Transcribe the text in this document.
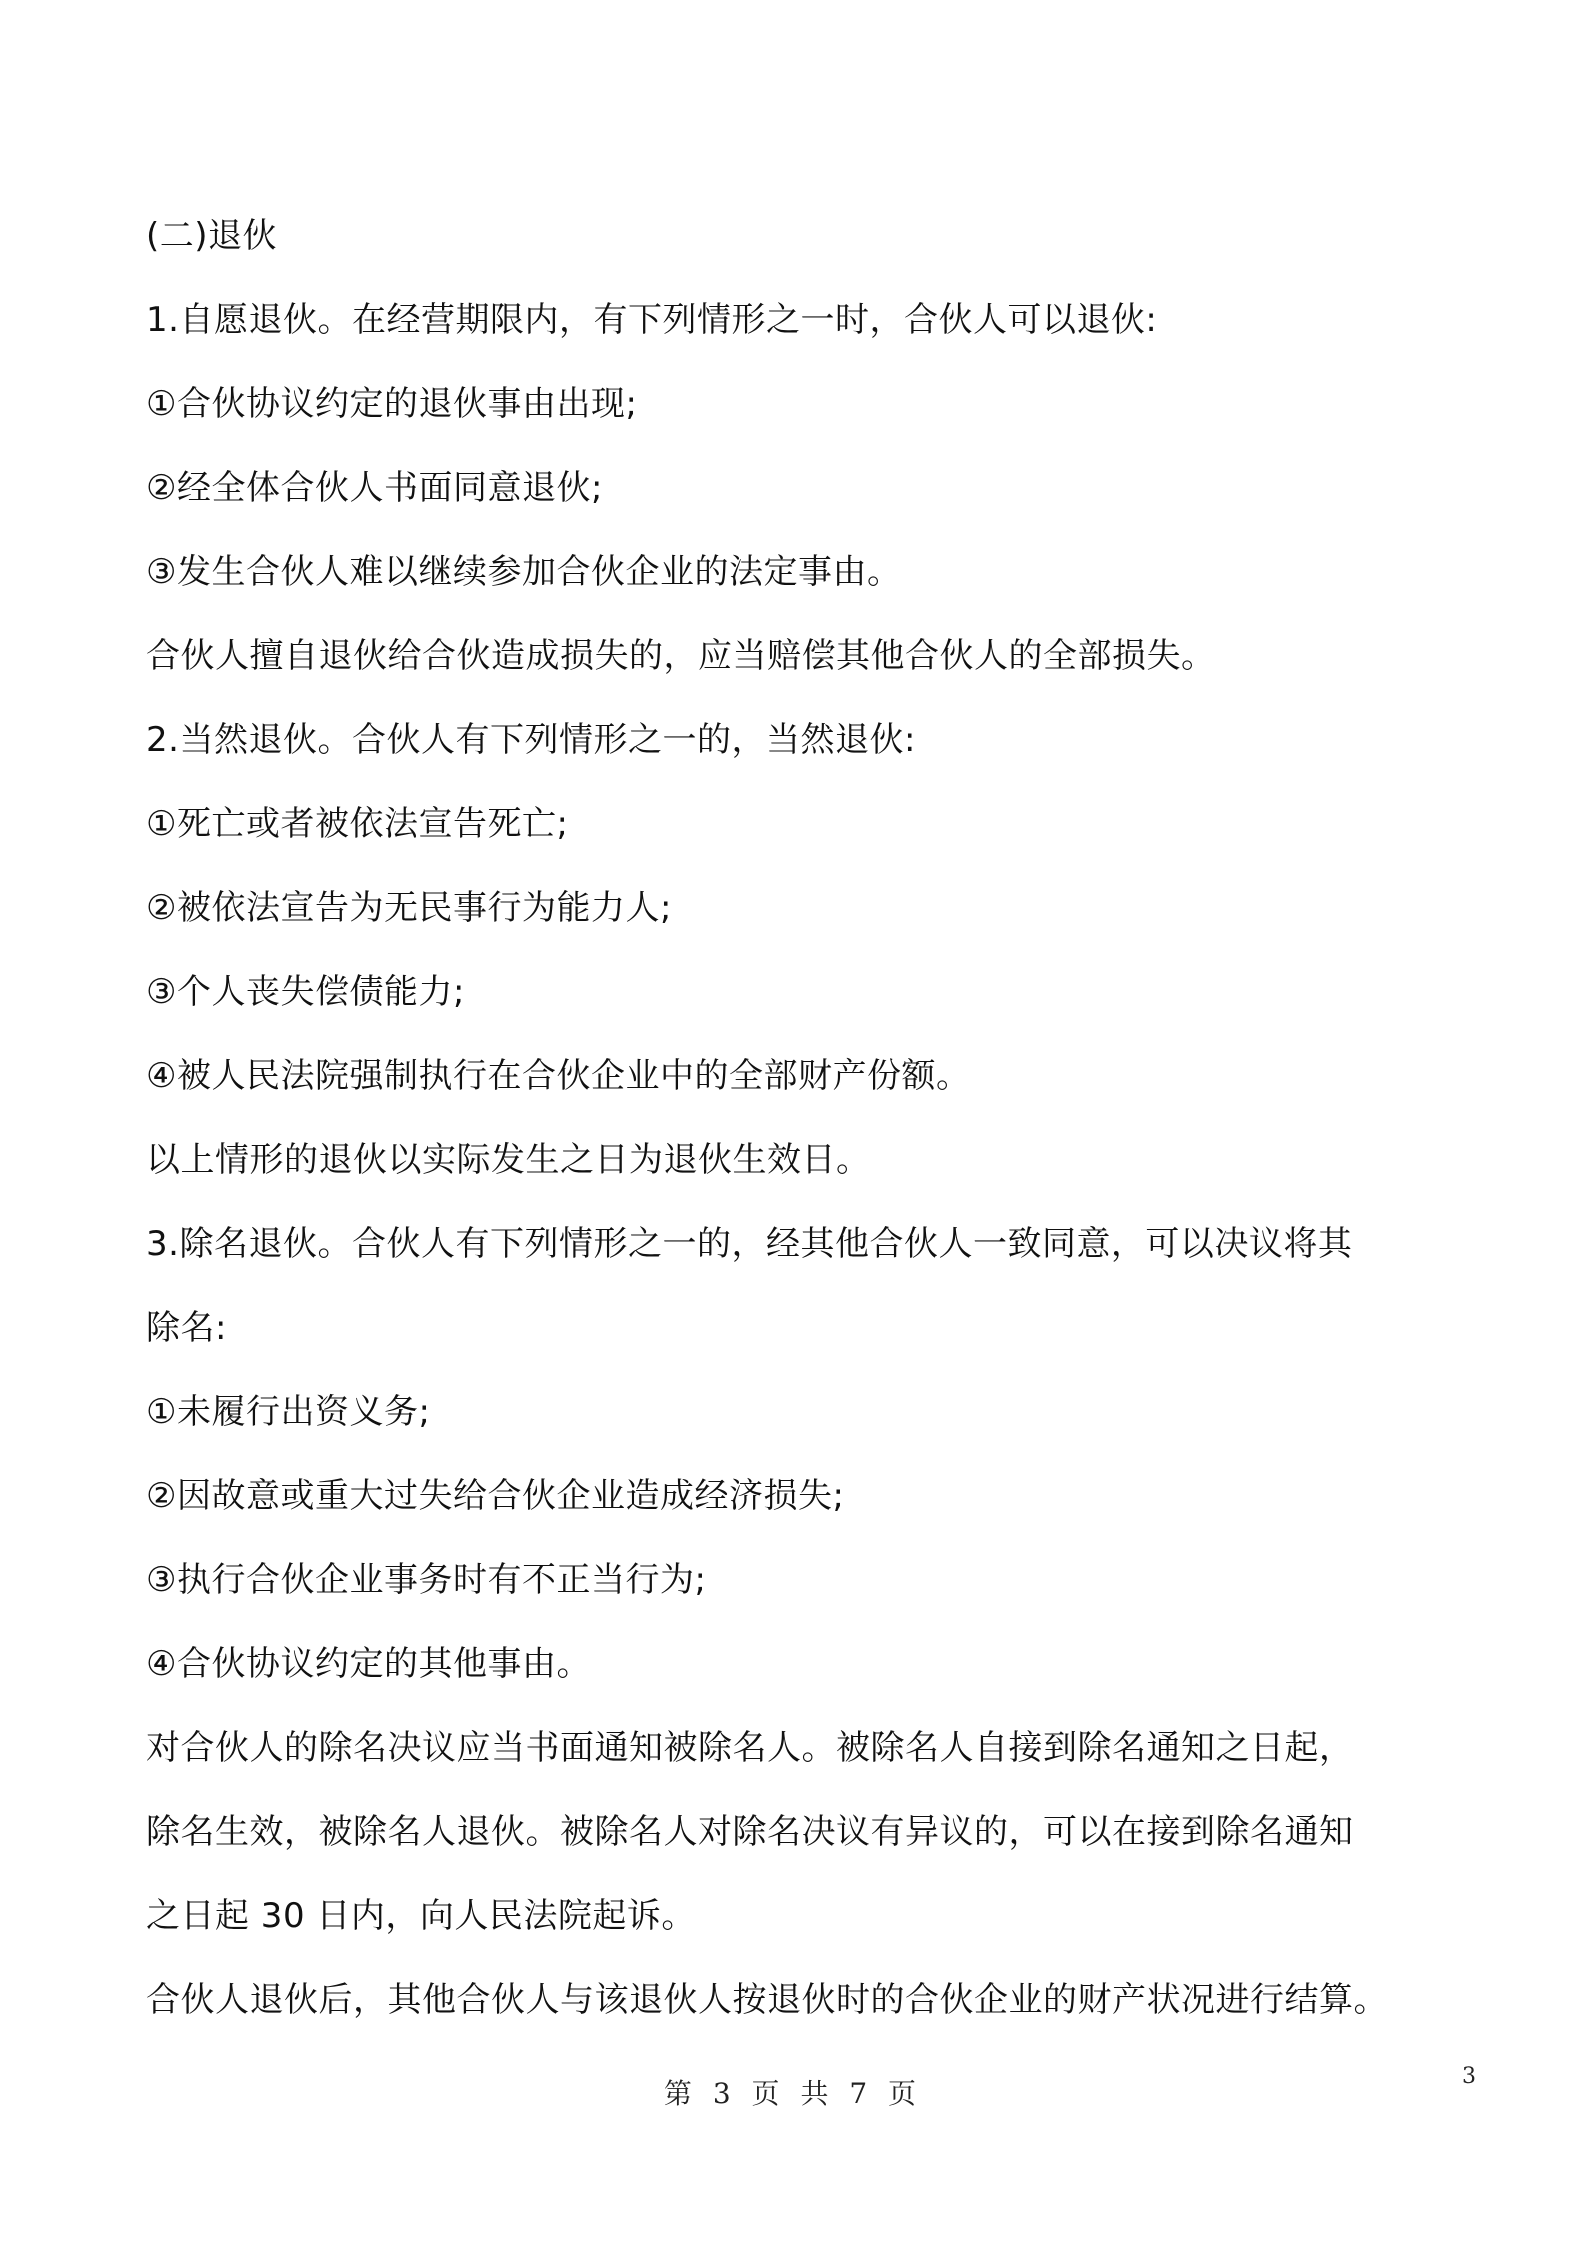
(二)退伙

1.自愿退伙。在经营期限内，有下列情形之一时，合伙人可以退伙:

①合伙协议约定的退伙事由出现;

②经全体合伙人书面同意退伙;

③发生合伙人难以继续参加合伙企业的法定事由。

合伙人擅自退伙给合伙造成损失的，应当赔偿其他合伙人的全部损失。

2.当然退伙。合伙人有下列情形之一的，当然退伙:

①死亡或者被依法宣告死亡;

②被依法宣告为无民事行为能力人;

③个人丧失偿债能力;

④被人民法院强制执行在合伙企业中的全部财产份额。

以上情形的退伙以实际发生之日为退伙生效日。

3.除名退伙。合伙人有下列情形之一的，经其他合伙人一致同意，可以决议将其

除名:

①未履行出资义务;

②因故意或重大过失给合伙企业造成经济损失;

③执行合伙企业事务时有不正当行为;

④合伙协议约定的其他事由。

对合伙人的除名决议应当书面通知被除名人。被除名人自接到除名通知之日起，

除名生效，被除名人退伙。被除名人对除名决议有异议的，可以在接到除名通知

之日起 30 日内，向人民法院起诉。

合伙人退伙后，其他合伙人与该退伙人按退伙时的合伙企业的财产状况进行结算。

第 3 页 共 7 页
3
